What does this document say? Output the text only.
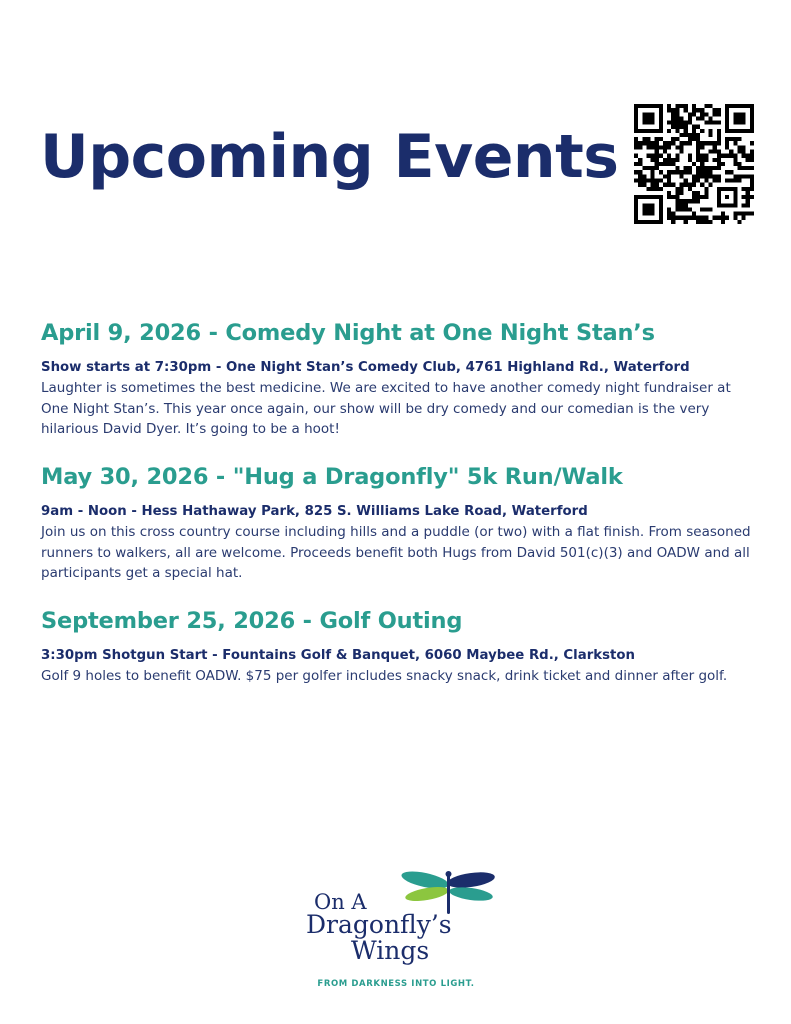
Upcoming Events
April 9, 2026 - Comedy Night at One Night Stan’s
Show starts at 7:30pm - One Night Stan’s Comedy Club, 4761 Highland Rd., Waterford
Laughter is sometimes the best medicine. We are excited to have another comedy night fundraiser at One Night Stan’s. This year once again, our show will be dry comedy and our comedian is the very hilarious David Dyer. It’s going to be a hoot!
May 30, 2026 - "Hug a Dragonfly" 5k Run/Walk
9am - Noon - Hess Hathaway Park, 825 S. Williams Lake Road, Waterford
Join us on this cross country course including hills and a puddle (or two) with a flat finish. From seasoned runners to walkers, all are welcome. Proceeds benefit both Hugs from David 501(c)(3) and OADW and all participants get a special hat.
September 25, 2026 - Golf Outing
3:30pm Shotgun Start - Fountains Golf & Banquet, 6060 Maybee Rd., Clarkston
Golf 9 holes to benefit OADW. $75 per golfer includes snacky snack, drink ticket and dinner after golf.
On A
Dragonfly’s
Wings
FROM DARKNESS INTO LIGHT.
